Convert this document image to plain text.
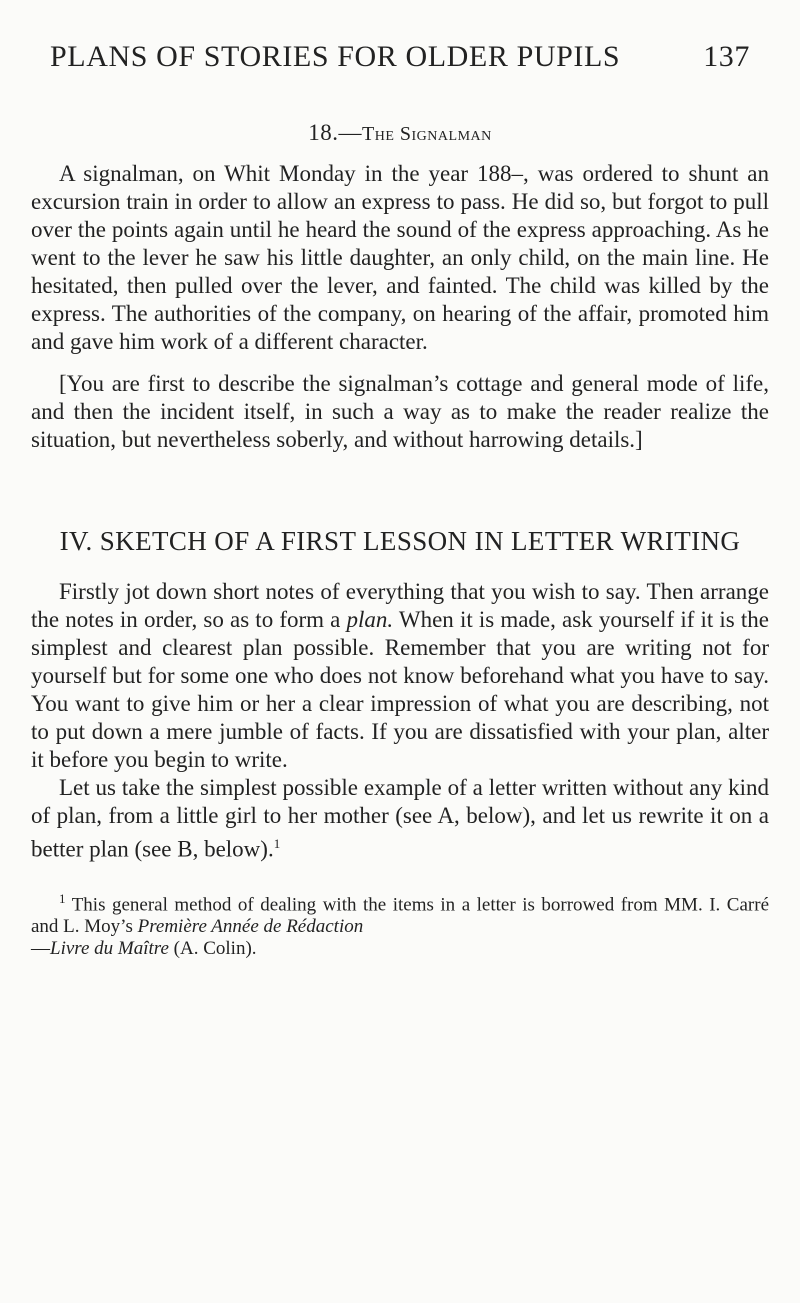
PLANS OF STORIES FOR OLDER PUPILS	137
18.—The Signalman

A signalman, on Whit Monday in the year 188–, was ordered to shunt an excursion train in order to allow an express to pass. He did so, but forgot to pull over the points again until he heard the sound of the express approaching. As he went to the lever he saw his little daughter, an only child, on the main line. He hesitated, then pulled over the lever, and fainted. The child was killed by the express. The authorities of the company, on hearing of the affair, promoted him and gave him work of a different character.

[You are first to describe the signalman’s cottage and general mode of life, and then the incident itself, in such a way as to make the reader realize the situation, but nevertheless soberly, and without harrowing details.]

IV. SKETCH OF A FIRST LESSON IN LETTER WRITING

Firstly jot down short notes of everything that you wish to say. Then arrange the notes in order, so as to form a plan. When it is made, ask yourself if it is the simplest and clearest plan possible. Remember that you are writing not for yourself but for some one who does not know beforehand what you have to say. You want to give him or her a clear impression of what you are describing, not to put down a mere jumble of facts. If you are dissatisfied with your plan, alter it before you begin to write.

Let us take the simplest possible example of a letter written without any kind of plan, from a little girl to her mother (see A, below), and let us rewrite it on a better plan (see B, below).$^1$

$^1$ This general method of dealing with the items in a letter is borrowed from MM. I. Carré and L. Moy’s Première Année de Rédaction
—Livre du Maître (A. Colin).
